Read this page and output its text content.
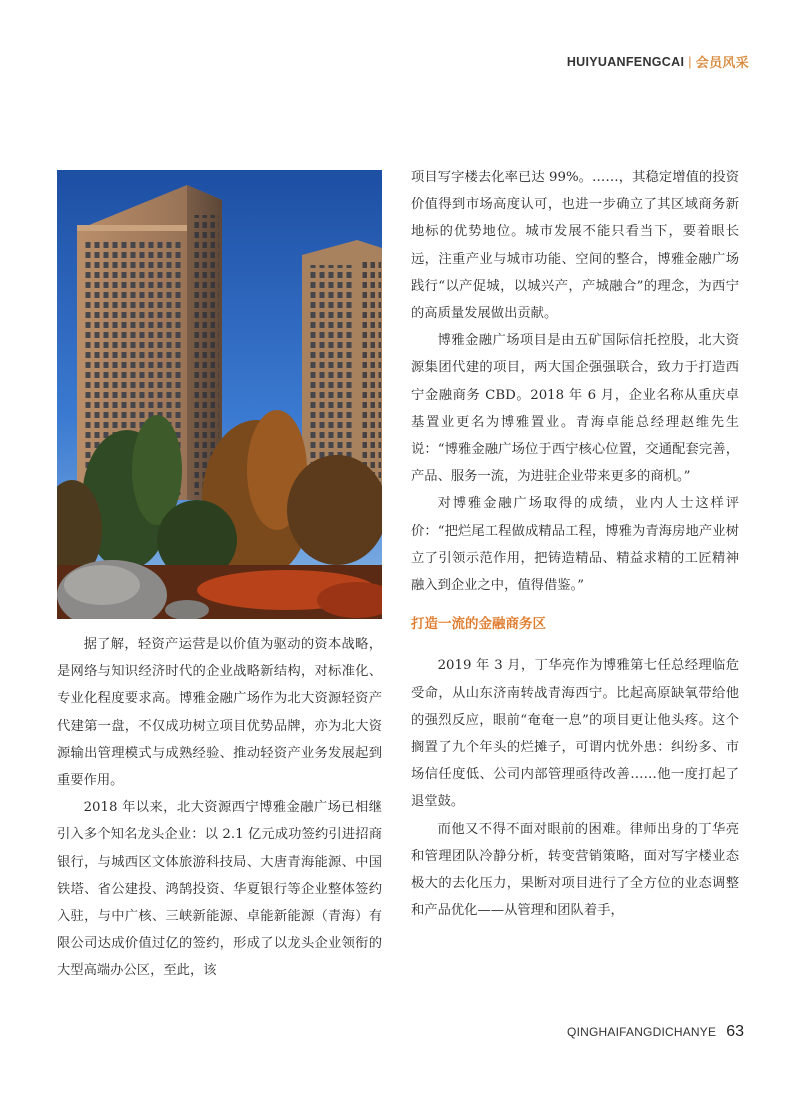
HUIYUANFENGCAI | 会员风采

据了解，轻资产运营是以价值为驱动的资本战略，是网络与知识经济时代的企业战略新结构，对标准化、专业化程度要求高。博雅金融广场作为北大资源轻资产代建第一盘，不仅成功树立项目优势品牌，亦为北大资源输出管理模式与成熟经验、推动轻资产业务发展起到重要作用。

2018 年以来，北大资源西宁博雅金融广场已相继引入多个知名龙头企业：以 2.1 亿元成功签约引进招商银行，与城西区文体旅游科技局、大唐青海能源、中国铁塔、省公建投、鸿鹄投资、华夏银行等企业整体签约入驻，与中广核、三峡新能源、卓能新能源（青海）有限公司达成价值过亿的签约，形成了以龙头企业领衔的大型高端办公区，至此，该

项目写字楼去化率已达 99%。……，其稳定增值的投资价值得到市场高度认可，也进一步确立了其区域商务新地标的优势地位。城市发展不能只看当下，要着眼长远，注重产业与城市功能、空间的整合，博雅金融广场践行“以产促城，以城兴产，产城融合”的理念，为西宁的高质量发展做出贡献。

博雅金融广场项目是由五矿国际信托控股，北大资源集团代建的项目，两大国企强强联合，致力于打造西宁金融商务 CBD。2018 年 6 月，企业名称从重庆卓基置业更名为博雅置业。青海卓能总经理赵维先生说：“博雅金融广场位于西宁核心位置，交通配套完善，产品、服务一流，为进驻企业带来更多的商机。”

对博雅金融广场取得的成绩，业内人士这样评价：“把烂尾工程做成精品工程，博雅为青海房地产业树立了引领示范作用，把铸造精品、精益求精的工匠精神融入到企业之中，值得借鉴。”

打造一流的金融商务区

2019 年 3 月，丁华亮作为博雅第七任总经理临危受命，从山东济南转战青海西宁。比起高原缺氧带给他的强烈反应，眼前“奄奄一息”的项目更让他头疼。这个搁置了九个年头的烂摊子，可谓内忧外患：纠纷多、市场信任度低、公司内部管理亟待改善……他一度打起了退堂鼓。

而他又不得不面对眼前的困难。律师出身的丁华亮和管理团队冷静分析，转变营销策略，面对写字楼业态极大的去化压力，果断对项目进行了全方位的业态调整和产品优化——从管理和团队着手，

QINGHAIFANGDICHANYE 63
